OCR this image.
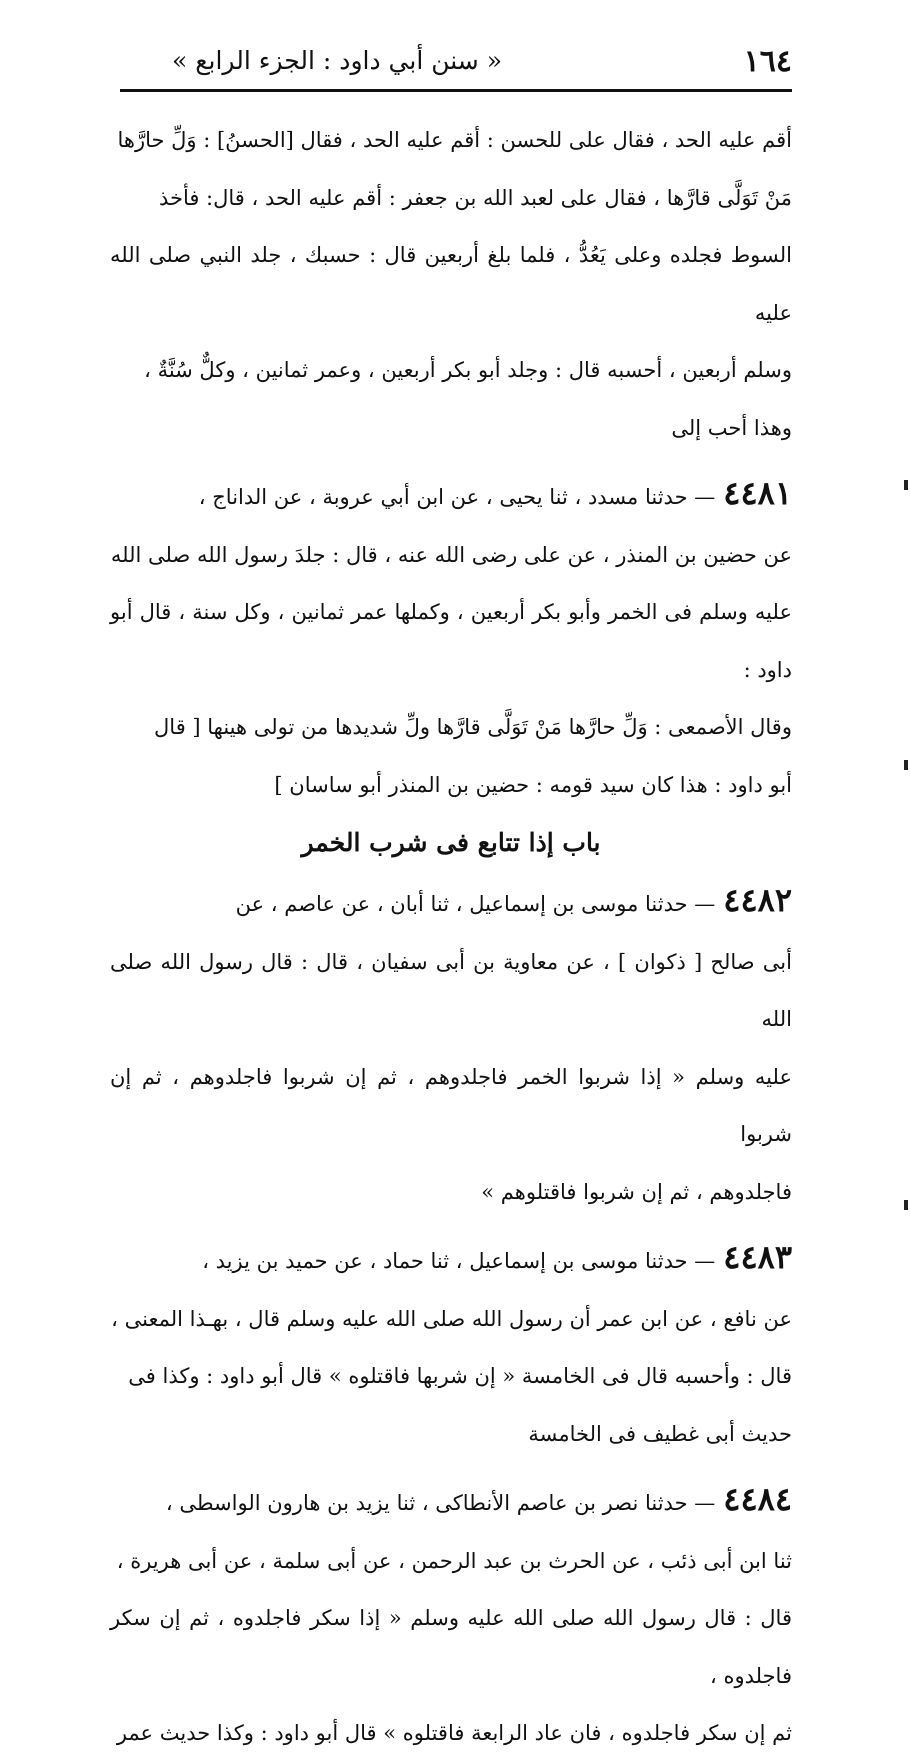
١٦٤
« سنن أبي داود : الجزء الرابع »

أقم عليه الحد ، فقال على للحسن : أقم عليه الحد ، فقال [الحسنُ] : وَلِّ حارَّها

مَنْ تَوَلَّى قارَّها ، فقال على لعبد الله بن جعفر : أقم عليه الحد ، قال: فأخذ

السوط فجلده وعلى يَعُدُّ ، فلما بلغ أربعين قال : حسبك ، جلد النبي صلى الله عليه

وسلم أربعين ، أحسبه قال : وجلد أبو بكر أربعين ، وعمر ثمانين ، وكلٌّ سُنَّةٌ ،

وهذا أحب إلى

٤٤٨١— حدثنا مسدد ، ثنا يحيى ، عن ابن أبي عروبة ، عن الداناج ،

عن حضين بن المنذر ، عن على رضى الله عنه ، قال : جلدَ رسول الله صلى الله

عليه وسلم فى الخمر وأبو بكر أربعين ، وكملها عمر ثمانين ، وكل سنة ، قال أبو داود :

وقال الأصمعى : وَلِّ حارَّها مَنْ تَوَلَّى قارَّها ولِّ شديدها من تولى هينها [ قال

أبو داود : هذا كان سيد قومه : حضين بن المنذر أبو ساسان ]

باب إذا تتابع فى شرب الخمر

٤٤٨٢— حدثنا موسى بن إسماعيل ، ثنا أبان ، عن عاصم ، عن

أبى صالح [ ذكوان ] ، عن معاوية بن أبى سفيان ، قال : قال رسول الله صلى الله

عليه وسلم « إذا شربوا الخمر فاجلدوهم ، ثم إن شربوا فاجلدوهم ، ثم إن شربوا

فاجلدوهم ، ثم إن شربوا فاقتلوهم »

٤٤٨٣— حدثنا موسى بن إسماعيل ، ثنا حماد ، عن حميد بن يزيد ،

عن نافع ، عن ابن عمر أن رسول الله صلى الله عليه وسلم قال ، بهـذا المعنى ،

قال : وأحسبه قال فى الخامسة « إن شربها فاقتلوه » قال أبو داود : وكذا فى

حديث أبى غطيف فى الخامسة

٤٤٨٤— حدثنا نصر بن عاصم الأنطاكى ، ثنا يزيد بن هارون الواسطى ،

ثنا ابن أبى ذئب ، عن الحرث بن عبد الرحمن ، عن أبى سلمة ، عن أبى هريرة ،

قال : قال رسول الله صلى الله عليه وسلم « إذا سكر فاجلدوه ، ثم إن سكر فاجلدوه ،

ثم إن سكر فاجلدوه ، فان عاد الرابعة فاقتلوه » قال أبو داود : وكذا حديث عمر
